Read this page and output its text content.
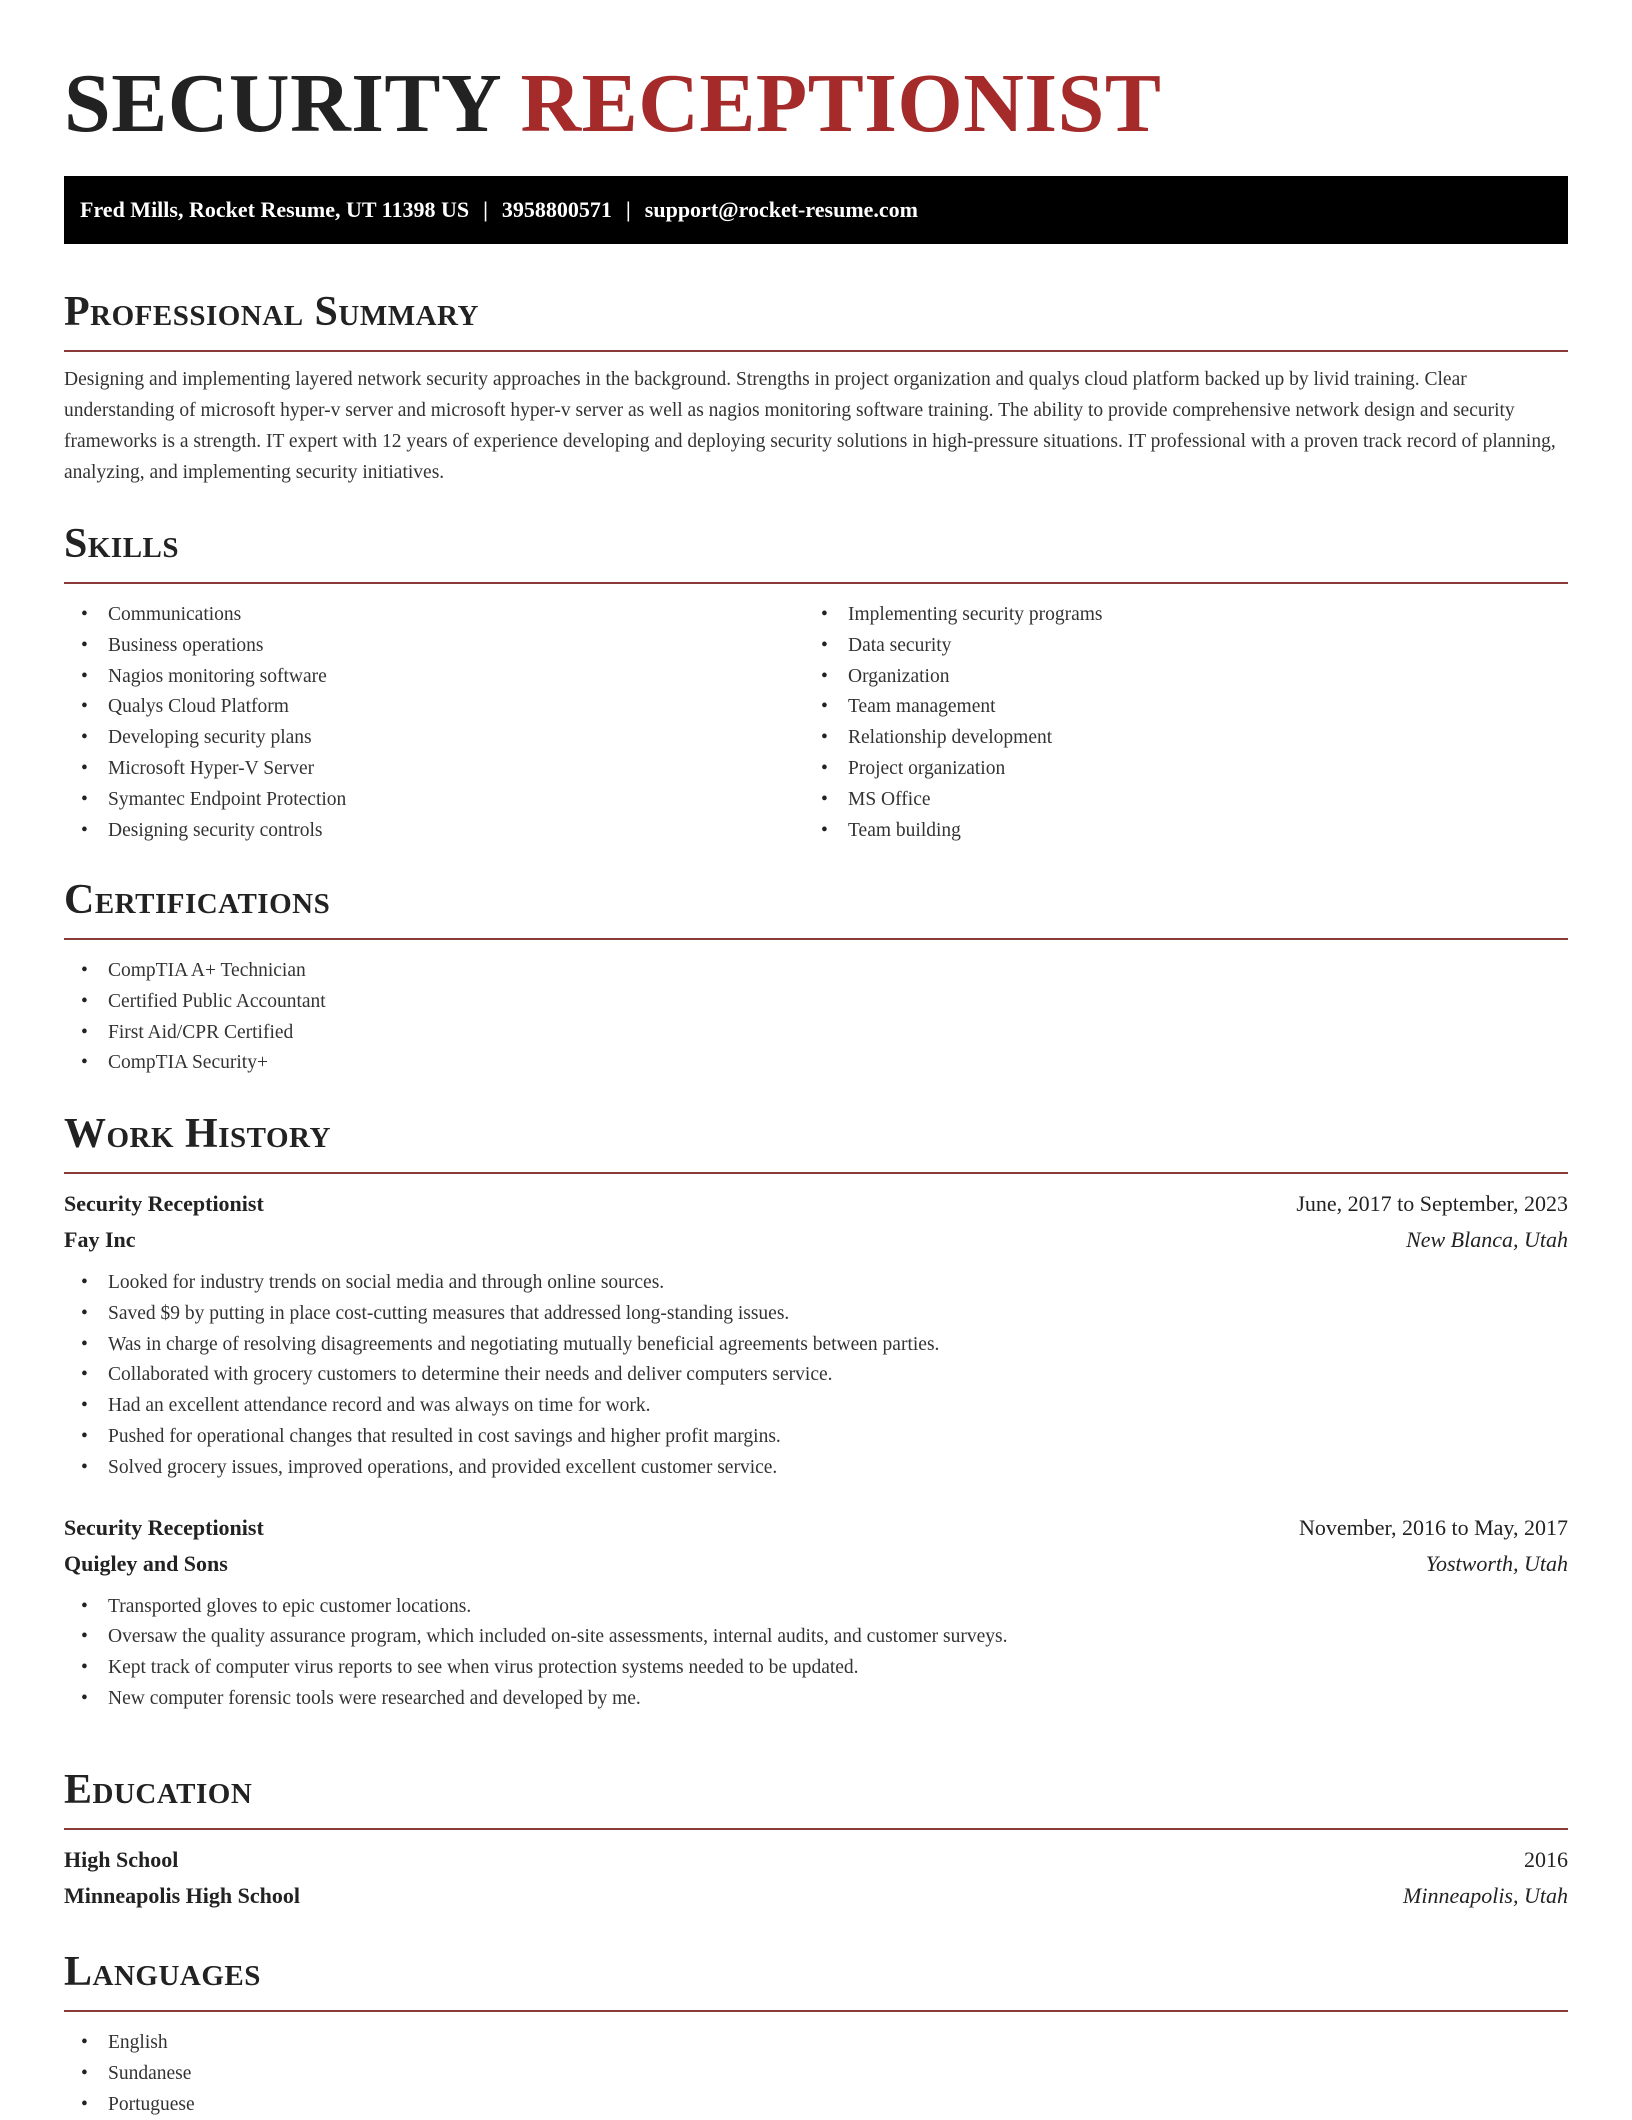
SECURITY RECEPTIONIST
Fred Mills, Rocket Resume, UT 11398 US | 3958800571 | support@rocket-resume.com
Professional Summary

Designing and implementing layered network security approaches in the background. Strengths in project organization and qualys cloud platform backed up by livid training. Clear understanding of microsoft hyper-v server and microsoft hyper-v server as well as nagios monitoring software training. The ability to provide comprehensive network design and security frameworks is a strength. IT expert with 12 years of experience developing and deploying security solutions in high-pressure situations. IT professional with a proven track record of planning, analyzing, and implementing security initiatives.

Skills
• Communications
• Business operations
• Nagios monitoring software
• Qualys Cloud Platform
• Developing security plans
• Microsoft Hyper-V Server
• Symantec Endpoint Protection
• Designing security controls
• Implementing security programs
• Data security
• Organization
• Team management
• Relationship development
• Project organization
• MS Office
• Team building
Certifications
• CompTIA A+ Technician
• Certified Public Accountant
• First Aid/CPR Certified
• CompTIA Security+
Work History
Security Receptionist	June, 2017 to September, 2023
Fay Inc	New Blanca, Utah
• Looked for industry trends on social media and through online sources.
• Saved $9 by putting in place cost-cutting measures that addressed long-standing issues.
• Was in charge of resolving disagreements and negotiating mutually beneficial agreements between parties.
• Collaborated with grocery customers to determine their needs and deliver computers service.
• Had an excellent attendance record and was always on time for work.
• Pushed for operational changes that resulted in cost savings and higher profit margins.
• Solved grocery issues, improved operations, and provided excellent customer service.
Security Receptionist	November, 2016 to May, 2017
Quigley and Sons	Yostworth, Utah
• Transported gloves to epic customer locations.
• Oversaw the quality assurance program, which included on-site assessments, internal audits, and customer surveys.
• Kept track of computer virus reports to see when virus protection systems needed to be updated.
• New computer forensic tools were researched and developed by me.
Education
High School	2016
Minneapolis High School	Minneapolis, Utah
Languages
• English
• Sundanese
• Portuguese
